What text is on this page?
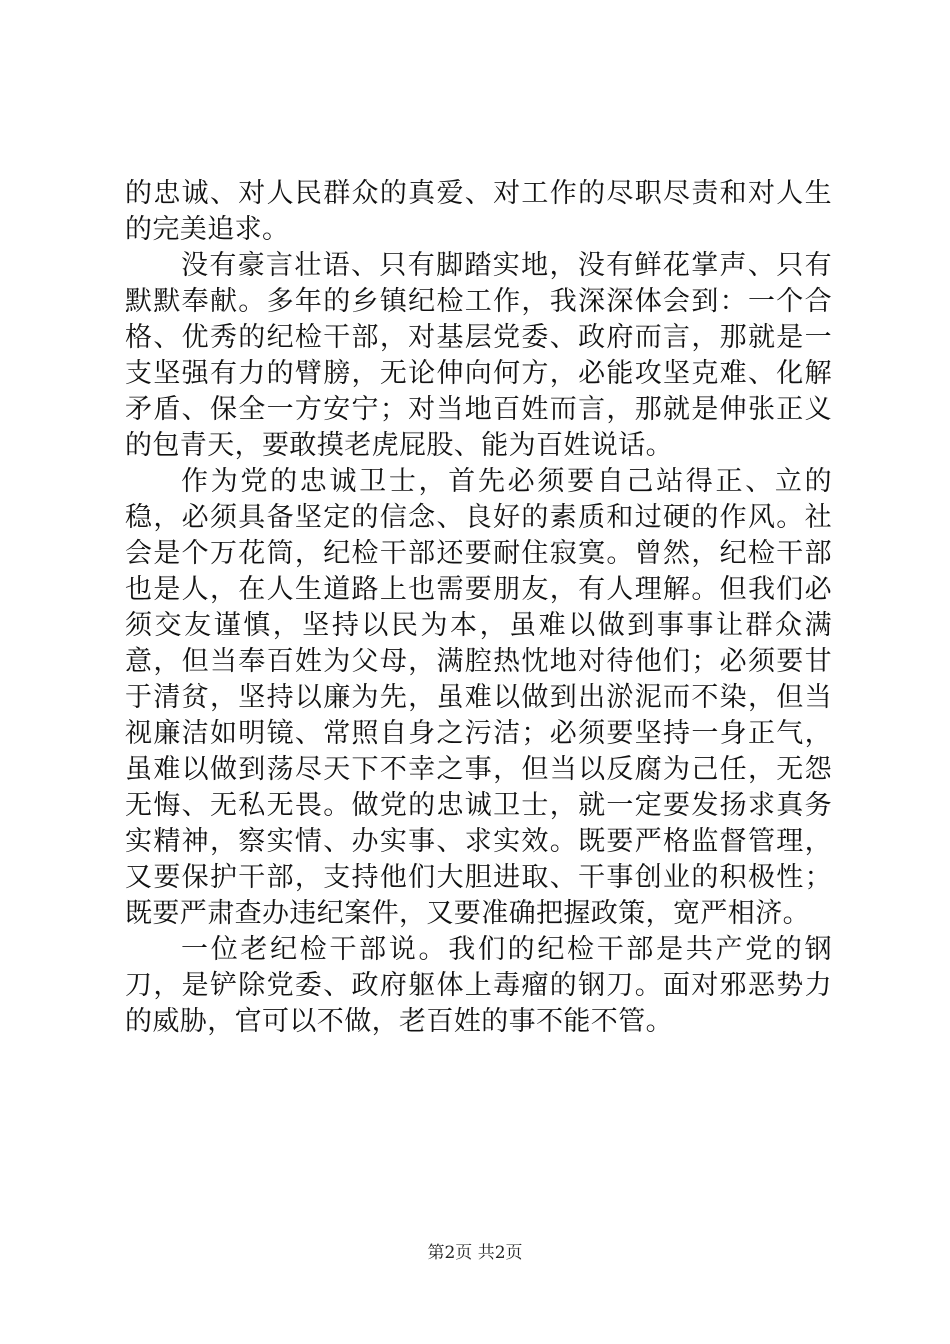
的忠诚、对人民群众的真爱、对工作的尽职尽责和对人生的完美追求。

没有豪言壮语、只有脚踏实地，没有鲜花掌声、只有默默奉献。多年的乡镇纪检工作，我深深体会到：一个合格、优秀的纪检干部，对基层党委、政府而言，那就是一支坚强有力的臂膀，无论伸向何方，必能攻坚克难、化解矛盾、保全一方安宁；对当地百姓而言，那就是伸张正义的包青天，要敢摸老虎屁股、能为百姓说话。

作为党的忠诚卫士，首先必须要自己站得正、立的稳，必须具备坚定的信念、良好的素质和过硬的作风。社会是个万花筒，纪检干部还要耐住寂寞。曾然，纪检干部也是人，在人生道路上也需要朋友，有人理解。但我们必须交友谨慎，坚持以民为本，虽难以做到事事让群众满意，但当奉百姓为父母，满腔热忱地对待他们；必须要甘于清贫，坚持以廉为先，虽难以做到出淤泥而不染，但当视廉洁如明镜、常照自身之污洁；必须要坚持一身正气，虽难以做到荡尽天下不幸之事，但当以反腐为己任，无怨无悔、无私无畏。做党的忠诚卫士，就一定要发扬求真务实精神，察实情、办实事、求实效。既要严格监督管理，又要保护干部，支持他们大胆进取、干事创业的积极性；既要严肃查办违纪案件，又要准确把握政策，宽严相济。

一位老纪检干部说。我们的纪检干部是共产党的钢刀，是铲除党委、政府躯体上毒瘤的钢刀。面对邪恶势力的威胁，官可以不做，老百姓的事不能不管。

第2页 共2页
